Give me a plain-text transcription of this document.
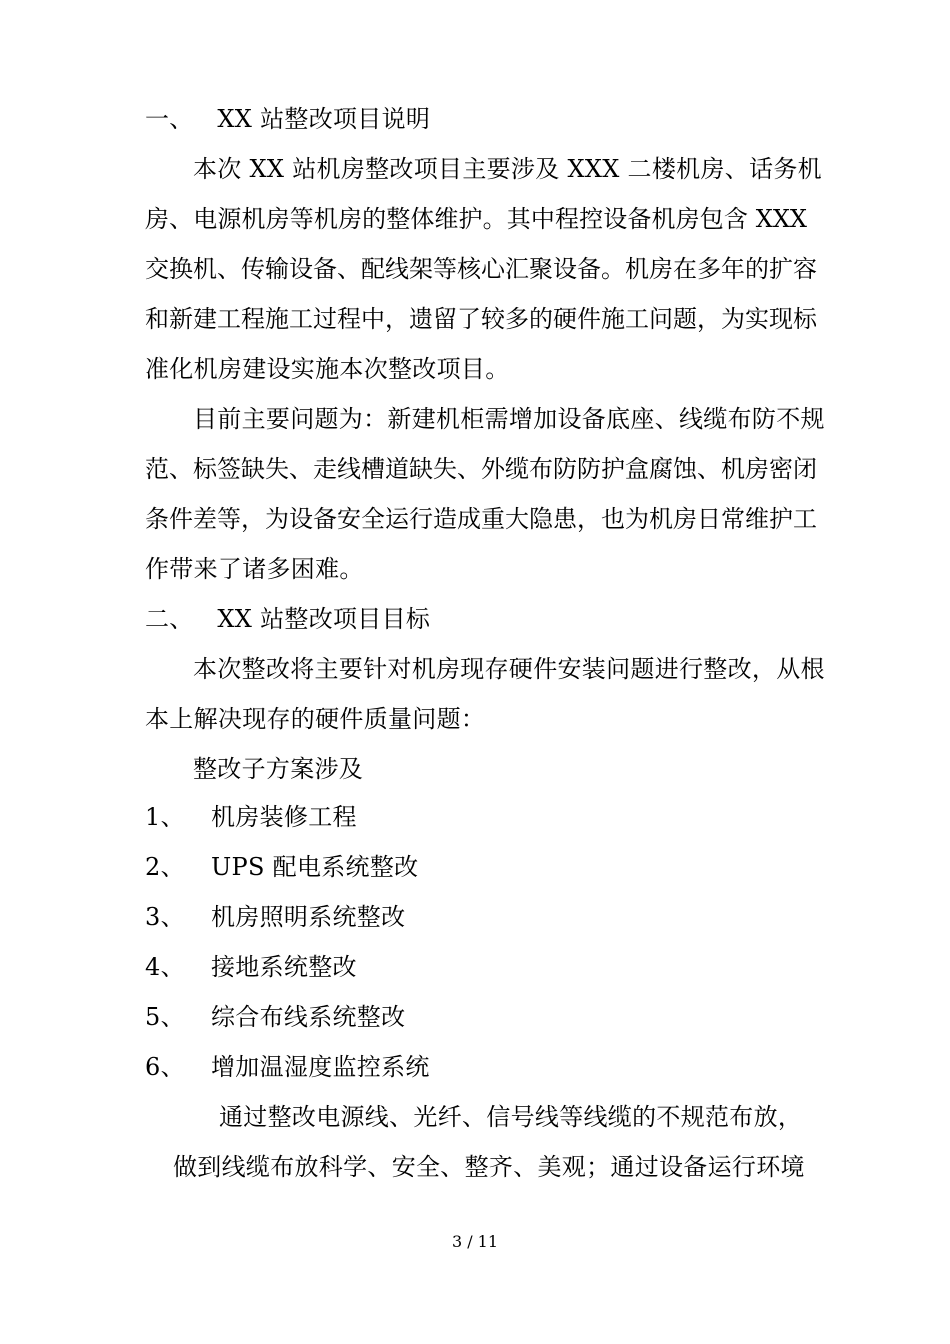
一、 XX 站整改项目说明
本次 XX 站机房整改项目主要涉及 XXX 二楼机房、话务机
房、电源机房等机房的整体维护。其中程控设备机房包含 XXX
交换机、传输设备、配线架等核心汇聚设备。机房在多年的扩容
和新建工程施工过程中，遗留了较多的硬件施工问题，为实现标
准化机房建设实施本次整改项目。
目前主要问题为：新建机柜需增加设备底座、线缆布防不规
范、标签缺失、走线槽道缺失、外缆布防防护盒腐蚀、机房密闭
条件差等，为设备安全运行造成重大隐患，也为机房日常维护工
作带来了诸多困难。
二、 XX 站整改项目目标
本次整改将主要针对机房现存硬件安装问题进行整改，从根
本上解决现存的硬件质量问题：
整改子方案涉及
1、 机房装修工程
2、 UPS 配电系统整改
3、 机房照明系统整改
4、 接地系统整改
5、 综合布线系统整改
6、 增加温湿度监控系统
通过整改电源线、光纤、信号线等线缆的不规范布放，
做到线缆布放科学、安全、整齐、美观；通过设备运行环境
3 / 11
